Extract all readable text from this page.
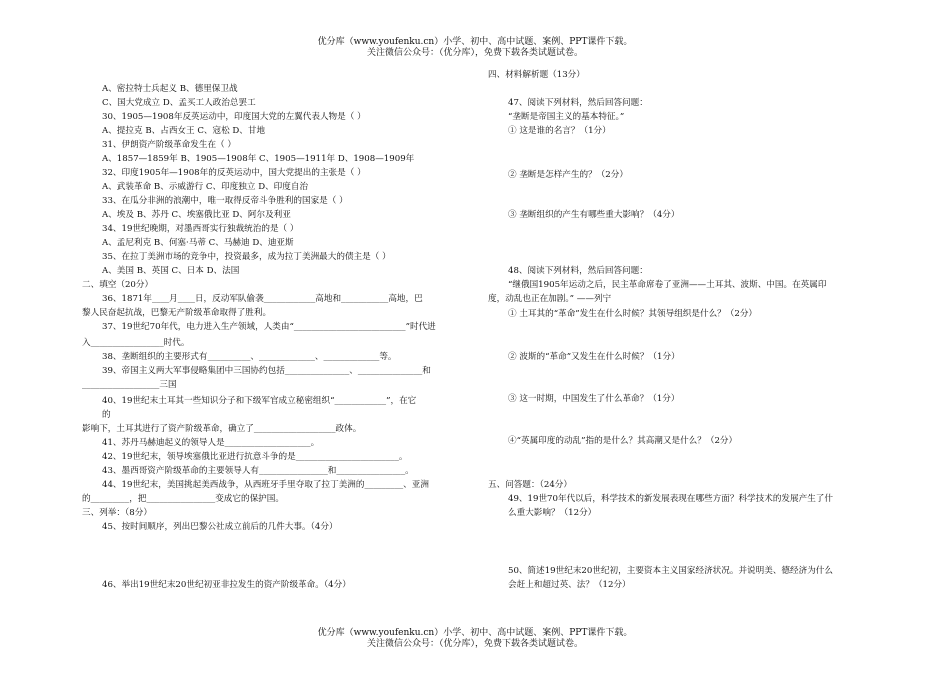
优分库（www.youfenku.cn）小学、初中、高中试题、案例、PPT课件下载。
关注微信公众号：（优分库），免费下载各类试题试卷。
A、密拉特士兵起义 B、德里保卫战
C、国大党成立 D、孟买工人政治总罢工
30、1905—1908年反英运动中，印度国大党的左翼代表人物是（ ）
A、提拉克 B、占西女王 C、寇松 D、甘地
31、伊朗资产阶级革命发生在（ ）
A、1857—1859年 B、1905—1908年 C、1905—1911年 D、1908—1909年
32、印度1905年—1908年的反英运动中，国大党提出的主张是（ ）
A、武装革命 B、示威游行 C、印度独立 D、印度自治
33、在瓜分非洲的浪潮中，唯一取得反帝斗争胜利的国家是（ ）
A、埃及 B、苏丹 C、埃塞俄比亚 D、阿尔及利亚
34、19世纪晚期，对墨西哥实行独裁统治的是（ ）
A、孟尼利克 B、何塞·马蒂 C、马赫迪 D、迪亚斯
35、在拉丁美洲市场的竞争中，投资最多，成为拉丁美洲最大的债主是（ ）
A、美国 B、英国 C、日本 D、法国
二、填空（20分）
36、1871年____月____日，反动军队偷袭____________高地和___________高地，巴
黎人民奋起抗战，巴黎无产阶级革命取得了胜利。
37、19世纪70年代，电力进入生产领域，人类由“__________________________”时代进
入_________________时代。
38、垄断组织的主要形式有__________、_____________、_____________等。
39、帝国主义两大军事侵略集团中三国协约包括_______________、_______________和
__________________三国
40、19世纪末土耳其一些知识分子和下级军官成立秘密组织“____________”，在它
的
影响下，土耳其进行了资产阶级革命，确立了___________________政体。
41、苏丹马赫迪起义的领导人是____________________。
42、19世纪末，领导埃塞俄比亚进行抗意斗争的是________________________。
43、墨西哥资产阶级革命的主要领导人有________________和________________。
44、19世纪末，美国挑起美西战争，从西班牙手里夺取了拉丁美洲的_________、亚洲
的_________，把________________变成它的保护国。
三、列举：（8分）
45、按时间顺序，列出巴黎公社成立前后的几件大事。（4分）
46、举出19世纪末20世纪初亚非拉发生的资产阶级革命。（4分）
四、材料解析题（13分）
47、阅读下列材料，然后回答问题：
“垄断是帝国主义的基本特征。”
① 这是谁的名言？（1分）
② 垄断是怎样产生的？（2分）
③ 垄断组织的产生有哪些重大影响？（4分）
48、阅读下列材料，然后回答问题：
“继俄国1905年运动之后，民主革命席卷了亚洲——土耳其、波斯、中国。在英属印
度，动乱也正在加剧。” ——列宁
① 土耳其的“革命”发生在什么时候？其领导组织是什么？（2分）
② 波斯的“革命”又发生在什么时候？（1分）
③ 这一时期，中国发生了什么革命？（1分）
④“英属印度的动乱”指的是什么？其高潮又是什么？（2分）
五、问答题：（24分）
49、19世70年代以后，科学技术的新发展表现在哪些方面？科学技术的发展产生了什
么重大影响？（12分）
50、简述19世纪末20世纪初，主要资本主义国家经济状况。并说明美、德经济为什么
会赶上和超过英、法？（12分）
优分库（www.youfenku.cn）小学、初中、高中试题、案例、PPT课件下载。
关注微信公众号：（优分库），免费下载各类试题试卷。
